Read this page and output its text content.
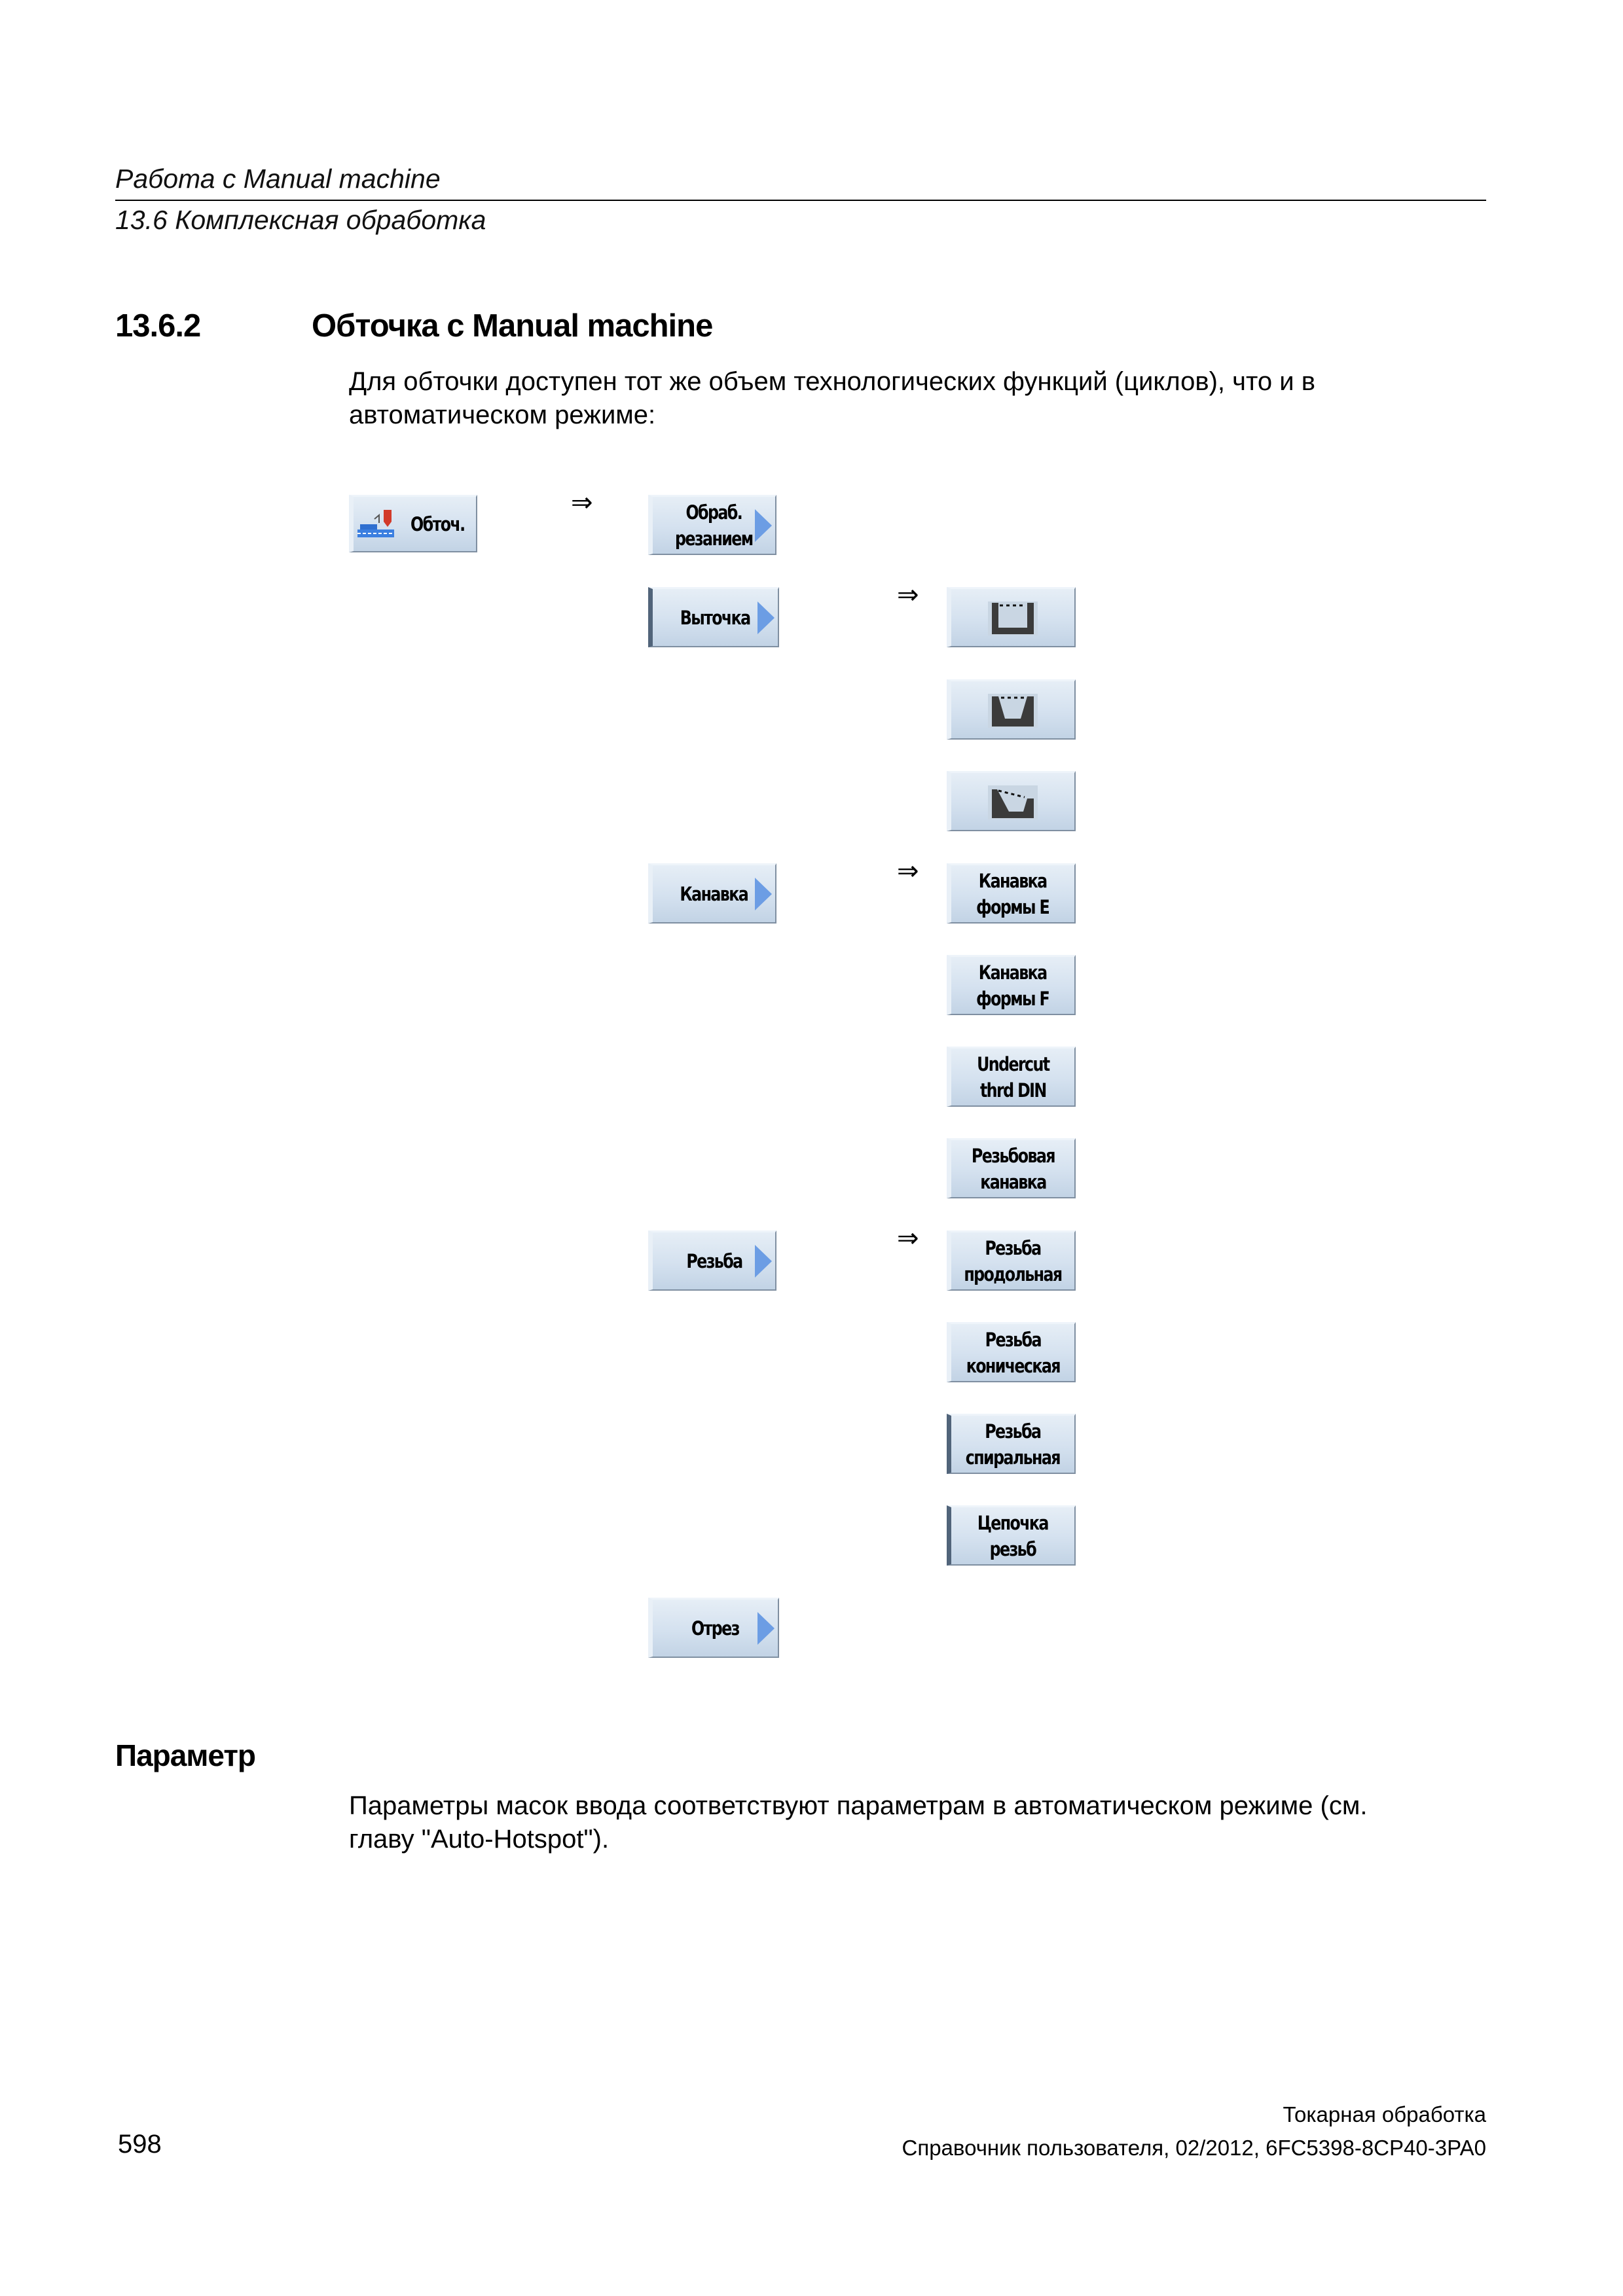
Работа с Manual machine
13.6 Комплексная обработка
13.6.2	Обточка с Manual machine
Для обточки доступен тот же объем технологических функций (циклов), что и в автоматическом режиме:
Обточ.
⇒	Обраб.
резанием
Выточка
⇒
Канавка
⇒	Канавка
формы E
Канавка
формы F
Undercut
thrd DIN
Резьбовая
канавка
Резьба
⇒	Резьба
продольная
Резьба
коническая
Резьба
спиральная
Цепочка
резьб
Отрез
Параметр
Параметры масок ввода соответствуют параметрам в автоматическом режиме (см. главу "Auto-Hotspot").
Токарная обработка
598	Справочник пользователя, 02/2012, 6FC5398-8CP40-3PA0
